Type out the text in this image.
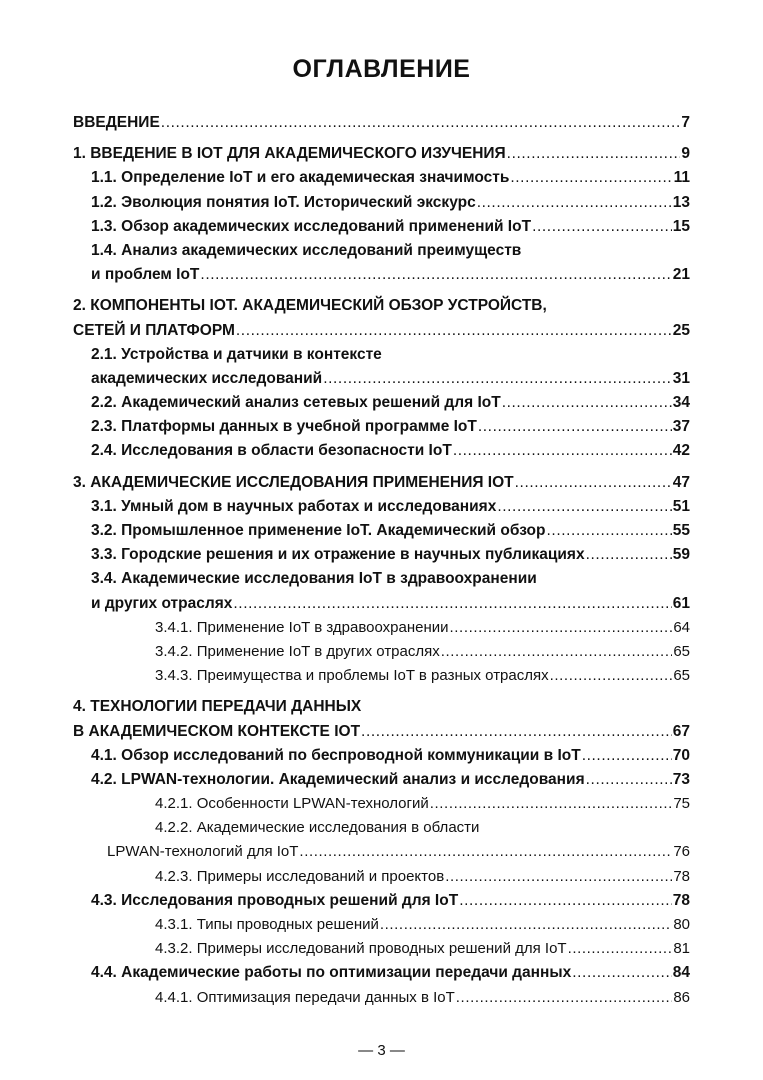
ОГЛАВЛЕНИЕ
ВВЕДЕНИЕ .....	7
1. ВВЕДЕНИЕ В IOT ДЛЯ АКАДЕМИЧЕСКОГО ИЗУЧЕНИЯ .....	9
1.1. Определение IoT и его академическая значимость .....	11
1.2. Эволюция понятия IoT. Исторический экскурс .....	13
1.3. Обзор академических исследований применений IoT .....	15
1.4. Анализ академических исследований преимуществ
и проблем IoT .....	21
2. КОМПОНЕНТЫ IOT. АКАДЕМИЧЕСКИЙ ОБЗОР УСТРОЙСТВ,
СЕТЕЙ И ПЛАТФОРМ .....	25
2.1. Устройства и датчики в контексте
академических исследований .....	31
2.2. Академический анализ сетевых решений для IoT .....	34
2.3. Платформы данных в учебной программе IoT .....	37
2.4. Исследования в области безопасности IoT .....	42
3. АКАДЕМИЧЕСКИЕ ИССЛЕДОВАНИЯ ПРИМЕНЕНИЯ IOT .....	47
3.1. Умный дом в научных работах и исследованиях .....	51
3.2. Промышленное применение IoT. Академический обзор .....	55
3.3. Городские решения и их отражение в научных публикациях .....	59
3.4. Академические исследования IoT в здравоохранении
и других отраслях .....	61
3.4.1. Применение IoT в здравоохранении .....	64
3.4.2. Применение IoT в других отраслях .....	65
3.4.3. Преимущества и проблемы IoT в разных отраслях .....	65
4. ТЕХНОЛОГИИ ПЕРЕДАЧИ ДАННЫХ
В АКАДЕМИЧЕСКОМ КОНТЕКСТЕ IOT .....	67
4.1. Обзор исследований по беспроводной коммуникации в IoT .....	70
4.2. LPWAN-технологии. Академический анализ и исследования .....	73
4.2.1. Особенности LPWAN-технологий .....	75
4.2.2. Академические исследования в области
LPWAN-технологий для IoT .....	76
4.2.3. Примеры исследований и проектов .....	78
4.3. Исследования проводных решений для IoT .....	78
4.3.1. Типы проводных решений .....	80
4.3.2. Примеры исследований проводных решений для IoT .....	81
4.4. Академические работы по оптимизации передачи данных .....	84
4.4.1. Оптимизация передачи данных в IoT .....	86
— 3 —
